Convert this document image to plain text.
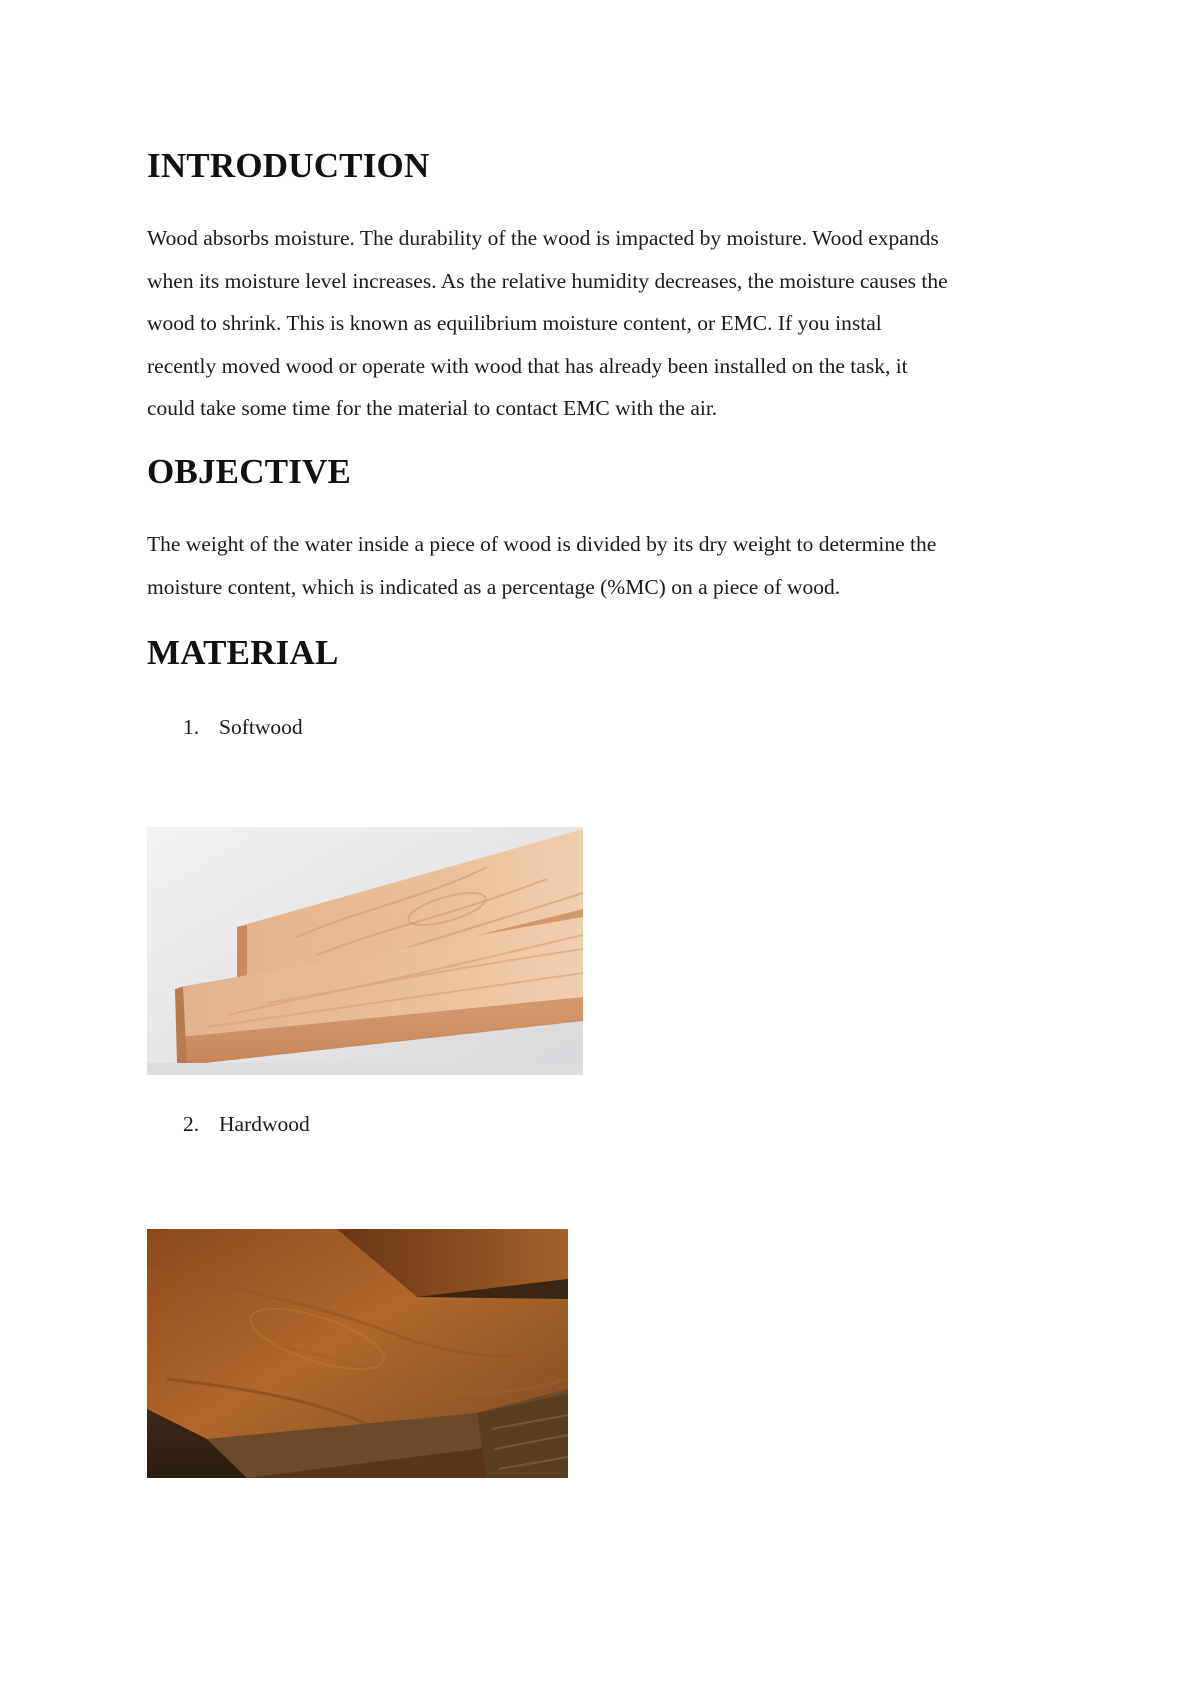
INTRODUCTION
Wood absorbs moisture. The durability of the wood is impacted by moisture. Wood expands
when its moisture level increases. As the relative humidity decreases, the moisture causes the
wood to shrink. This is known as equilibrium moisture content, or EMC. If you instal
recently moved wood or operate with wood that has already been installed on the task, it
could take some time for the material to contact EMC with the air.
OBJECTIVE
The weight of the water inside a piece of wood is divided by its dry weight to determine the
moisture content, which is indicated as a percentage (%MC) on a piece of wood.
MATERIAL
1. Softwood
2. Hardwood
